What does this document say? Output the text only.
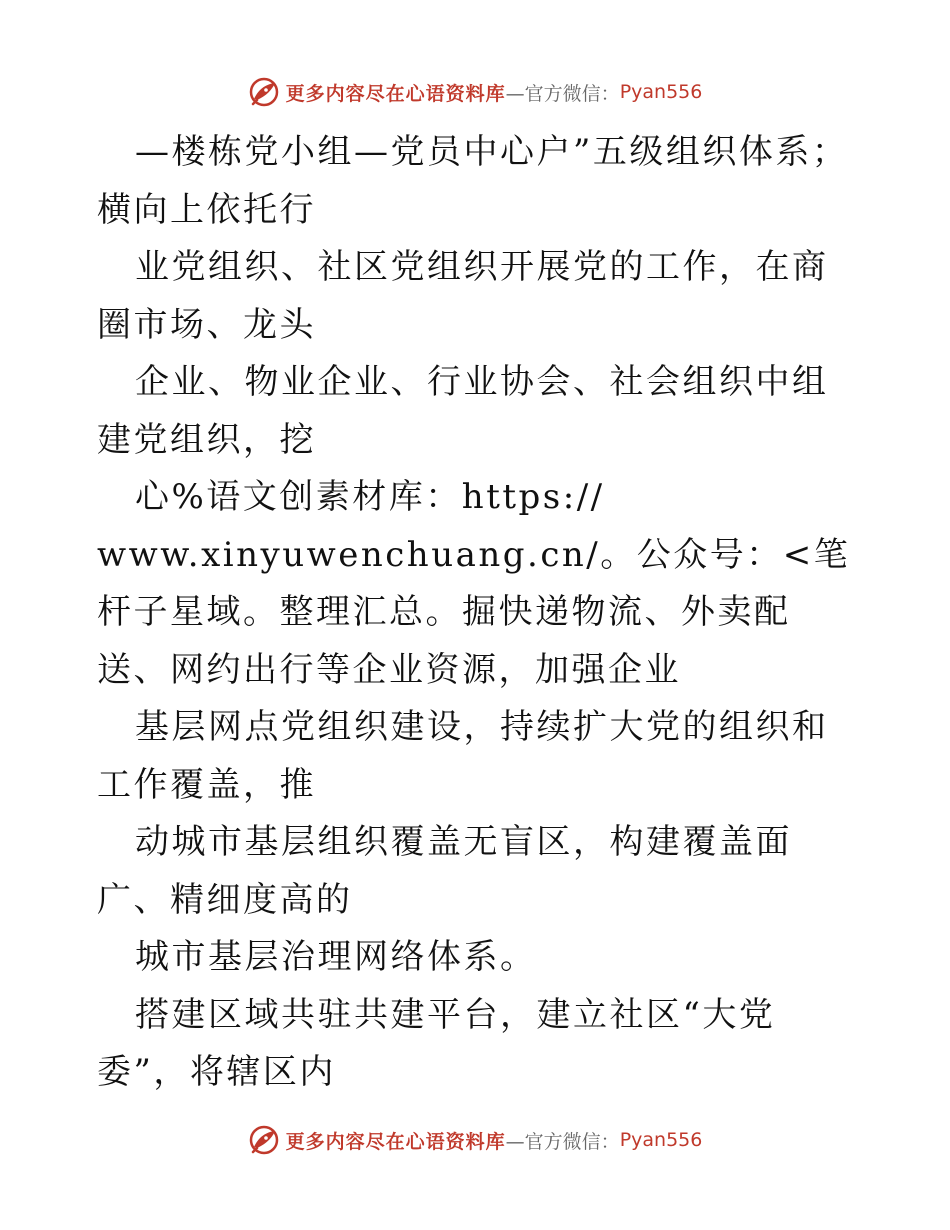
更多内容尽在心语资料库 —官方微信： Pyan556

—楼栋党小组—党员中心户”五级组织体系；横向上依托行

业党组织、社区党组织开展党的工作，在商圈市场、龙头

企业、物业企业、行业协会、社会组织中组建党组织，挖

心%语文创素材库：https://

www.xinyuwenchuang.cn/。公众号：<笔杆子星域。整理汇总。掘快递物流、外卖配送、网约出行等企业资源，加强企业

基层网点党组织建设，持续扩大党的组织和工作覆盖，推

动城市基层组织覆盖无盲区，构建覆盖面广、精细度高的

城市基层治理网络体系。

搭建区域共驻共建平台，建立社区“大党委”，将辖区内

更多内容尽在心语资料库 —官方微信： Pyan556
